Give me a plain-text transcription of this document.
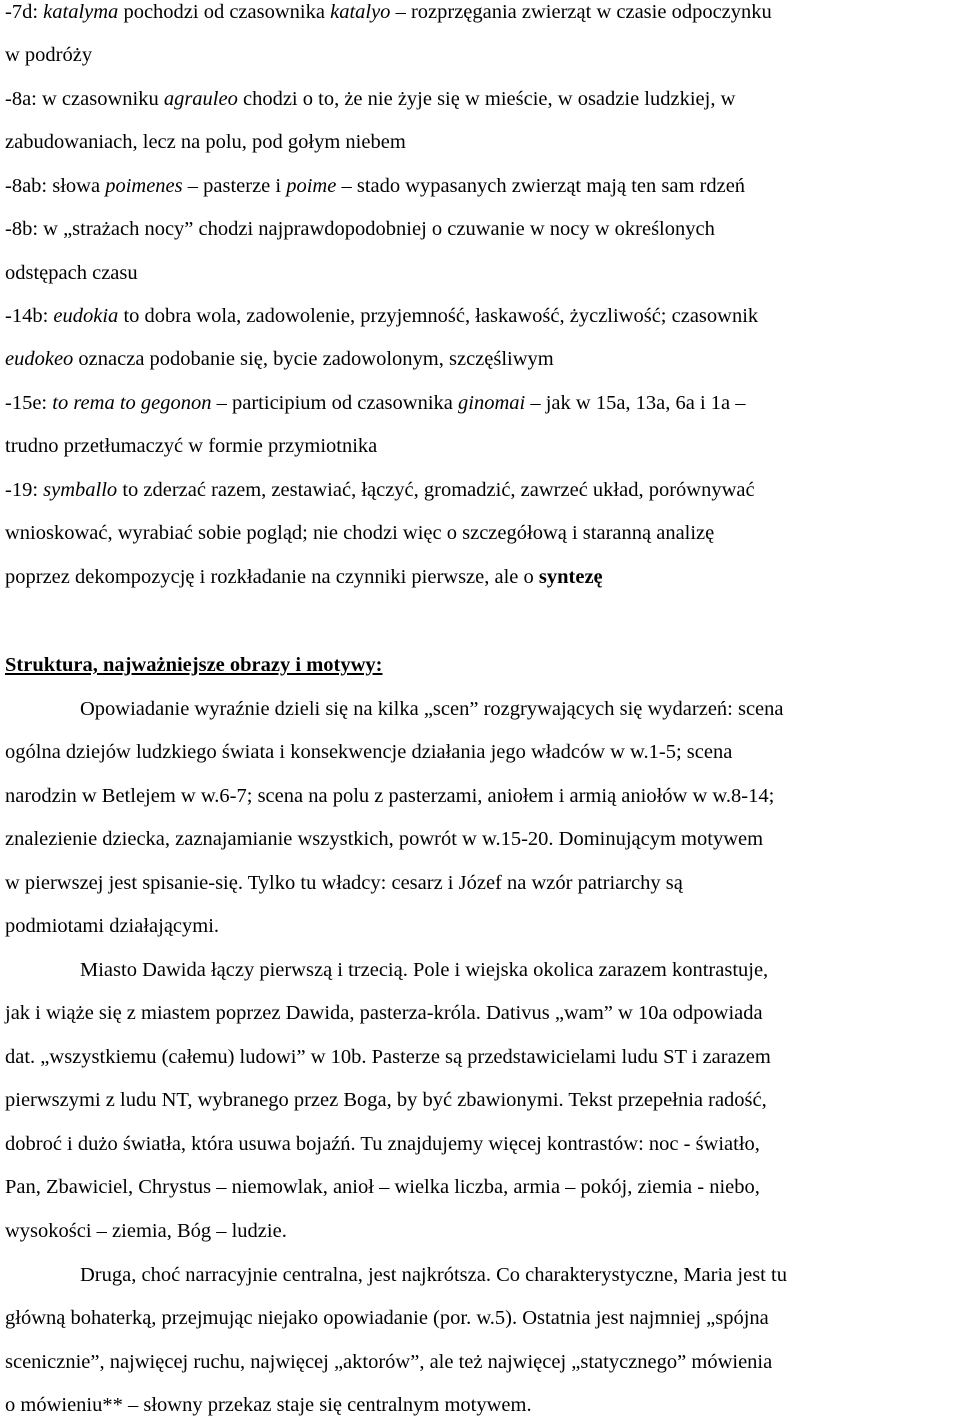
-7d: katalyma pochodzi od czasownika katalyo – rozprzęgania zwierząt w czasie odpoczynku
w podróży
-8a: w czasowniku agrauleo chodzi o to, że nie żyje się w mieście, w osadzie ludzkiej, w
zabudowaniach, lecz na polu, pod gołym niebem
-8ab: słowa poimenes – pasterze i poime – stado wypasanych zwierząt mają ten sam rdzeń
-8b: w „strażach nocy” chodzi najprawdopodobniej o czuwanie w nocy w określonych
odstępach czasu
-14b: eudokia to dobra wola, zadowolenie, przyjemność, łaskawość, życzliwość; czasownik
eudokeo oznacza podobanie się, bycie zadowolonym, szczęśliwym
-15e: to rema to gegonon – participium od czasownika ginomai – jak w 15a, 13a, 6a i 1a –
trudno przetłumaczyć w formie przymiotnika
-19: symballo to zderzać razem, zestawiać, łączyć, gromadzić, zawrzeć układ, porównywać
wnioskować, wyrabiać sobie pogląd; nie chodzi więc o szczegółową i staranną analizę
poprzez dekompozycję i rozkładanie na czynniki pierwsze, ale o syntezę
Struktura, najważniejsze obrazy i motywy:
Opowiadanie wyraźnie dzieli się na kilka „scen” rozgrywających się wydarzeń: scena
ogólna dziejów ludzkiego świata i konsekwencje działania jego władców w w.1-5; scena
narodzin w Betlejem w w.6-7; scena na polu z pasterzami, aniołem i armią aniołów w w.8-14;
znalezienie dziecka, zaznajamianie wszystkich, powrót w w.15-20. Dominującym motywem
w pierwszej jest spisanie-się. Tylko tu władcy: cesarz i Józef na wzór patriarchy są
podmiotami działającymi.
Miasto Dawida łączy pierwszą i trzecią. Pole i wiejska okolica zarazem kontrastuje,
jak i wiąże się z miastem poprzez Dawida, pasterza-króla. Dativus „wam” w 10a odpowiada
dat. „wszystkiemu (całemu) ludowi” w 10b. Pasterze są przedstawicielami ludu ST i zarazem
pierwszymi z ludu NT, wybranego przez Boga, by być zbawionymi. Tekst przepełnia radość,
dobroć i dużo światła, która usuwa bojaźń. Tu znajdujemy więcej kontrastów: noc - światło,
Pan, Zbawiciel, Chrystus – niemowlak, anioł – wielka liczba, armia – pokój, ziemia - niebo,
wysokości – ziemia, Bóg – ludzie.
Druga, choć narracyjnie centralna, jest najkrótsza. Co charakterystyczne, Maria jest tu
główną bohaterką, przejmując niejako opowiadanie (por. w.5). Ostatnia jest najmniej „spójna
scenicznie”, najwięcej ruchu, najwięcej „aktorów”, ale też najwięcej „statycznego” mówienia
o mówieniu** – słowny przekaz staje się centralnym motywem.
